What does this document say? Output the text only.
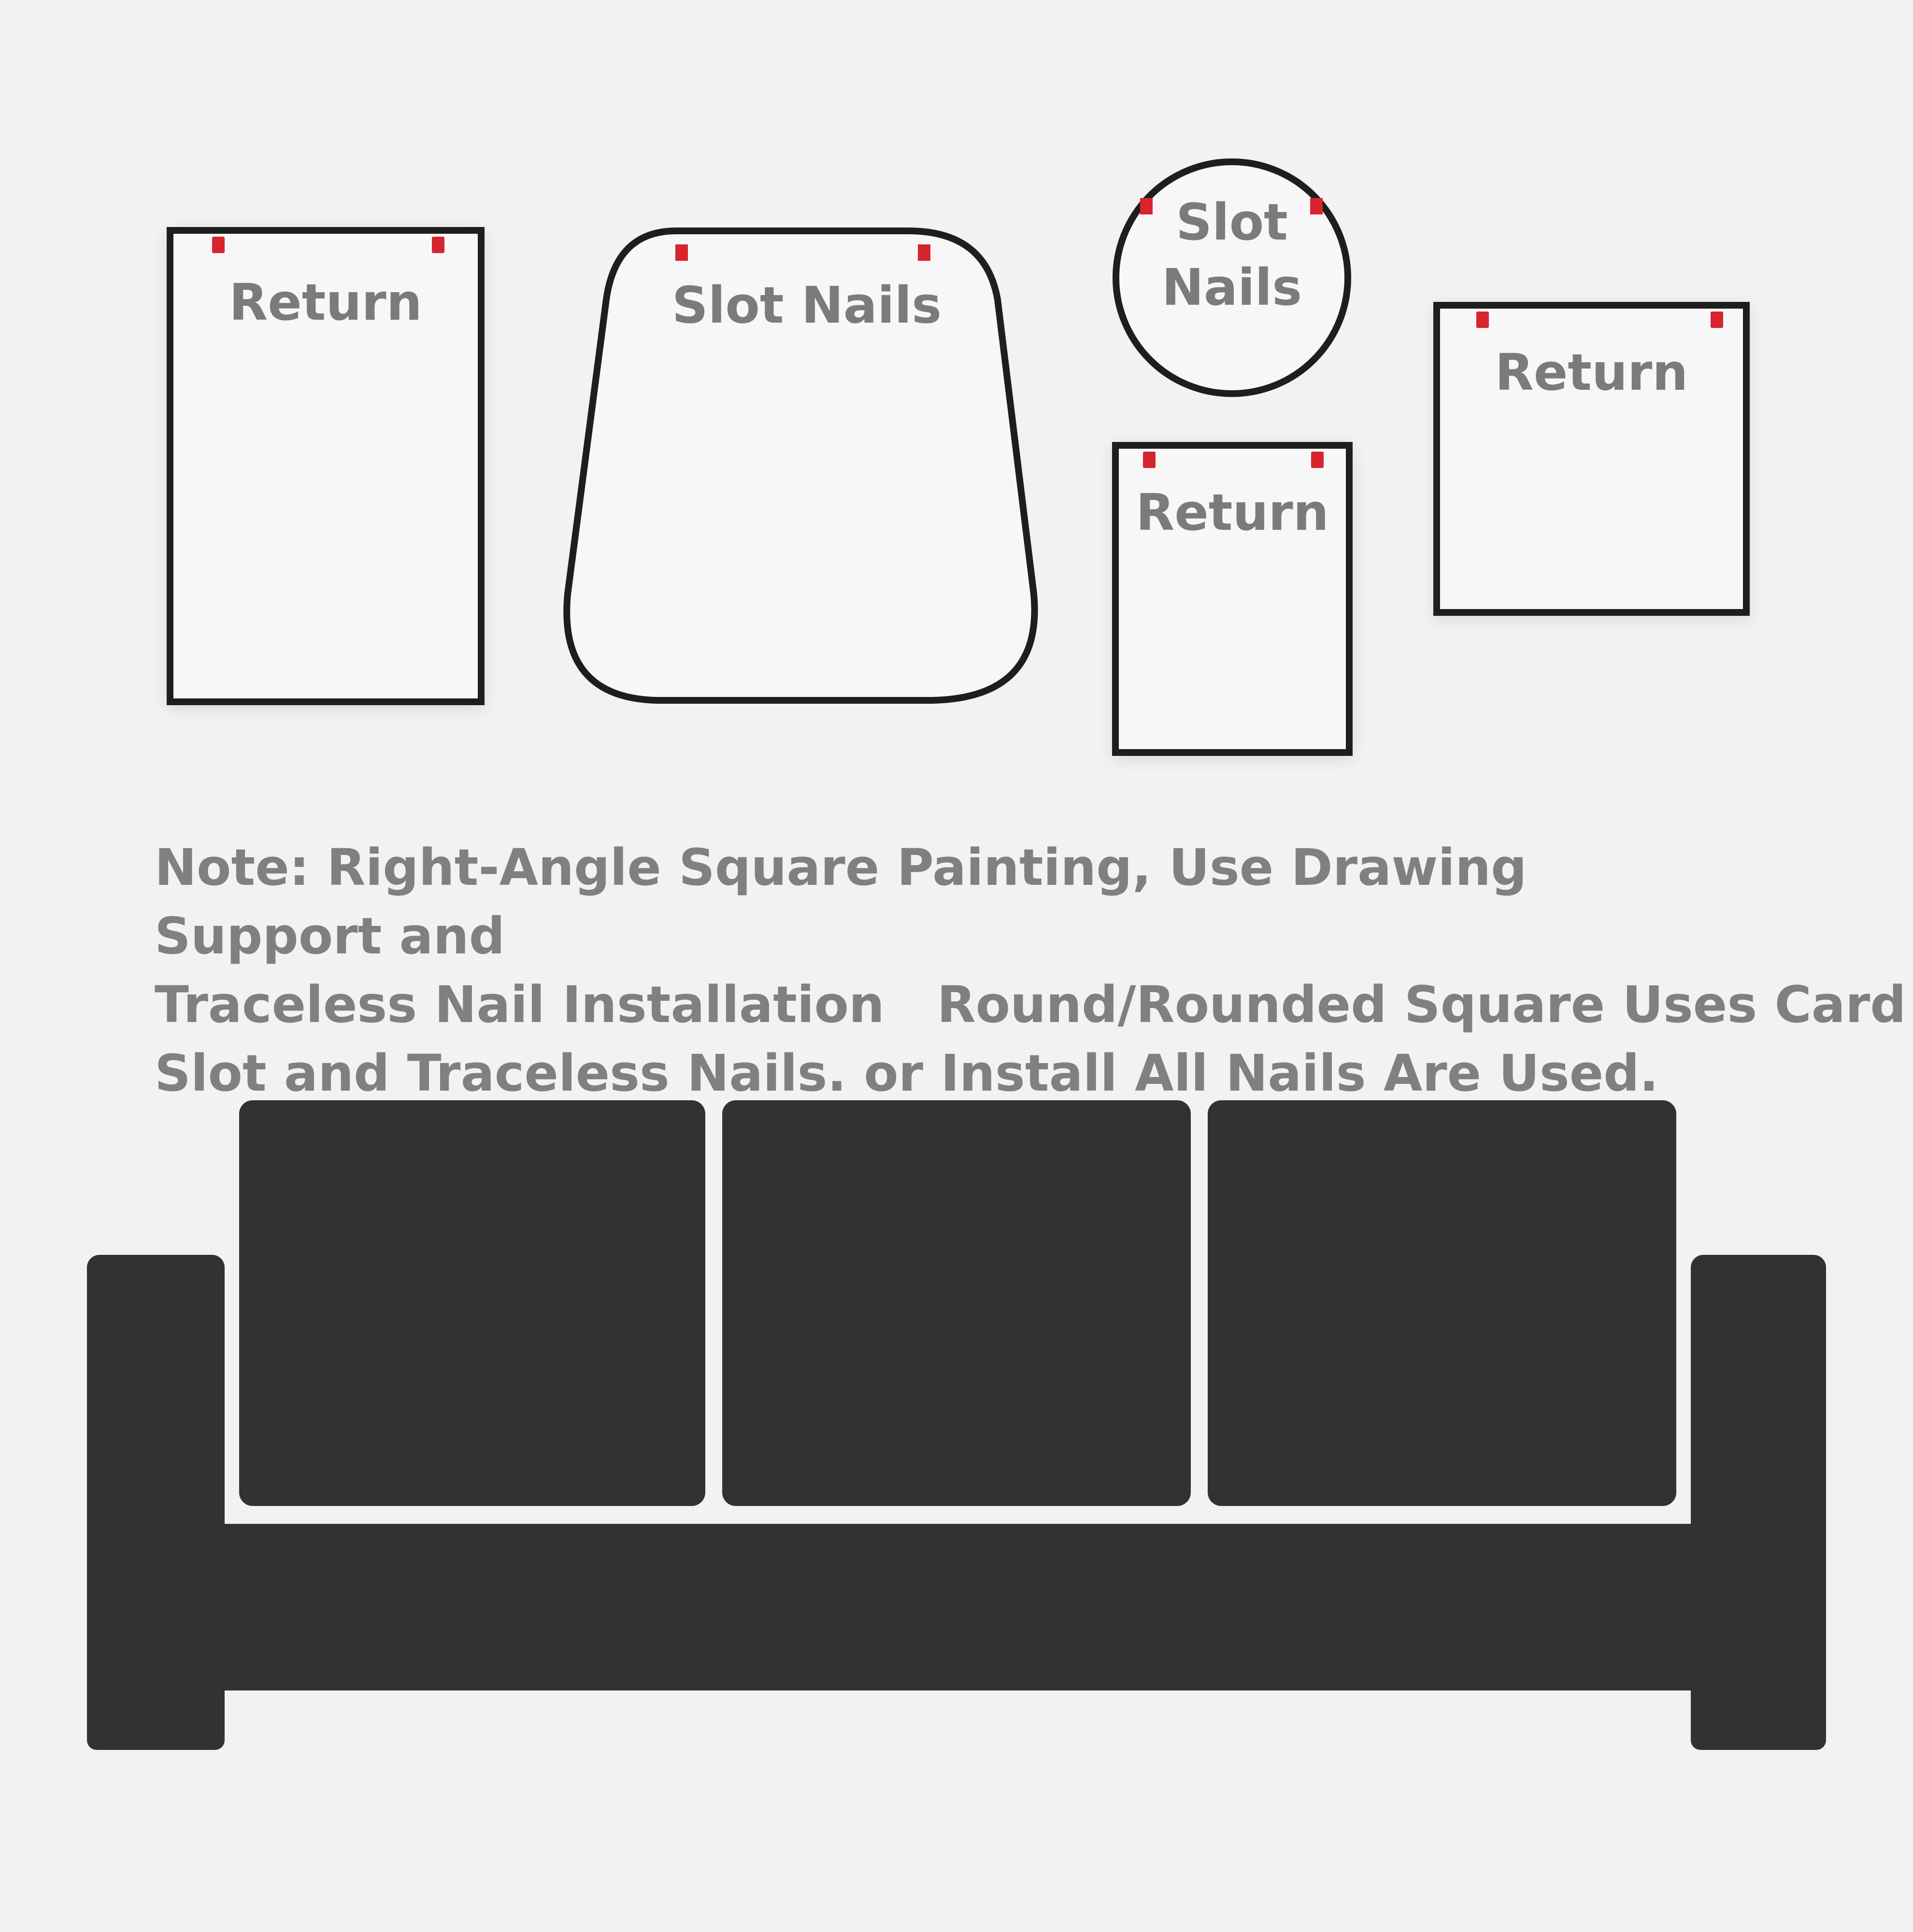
Return	Slot Nails
Slot Nails
Return
Return
Note: Right-Angle Square Painting, Use Drawing Support and
Traceless Nail Installation   Round/Rounded Square Uses Card
Slot and Traceless Nails. or Install All Nails Are Used.
